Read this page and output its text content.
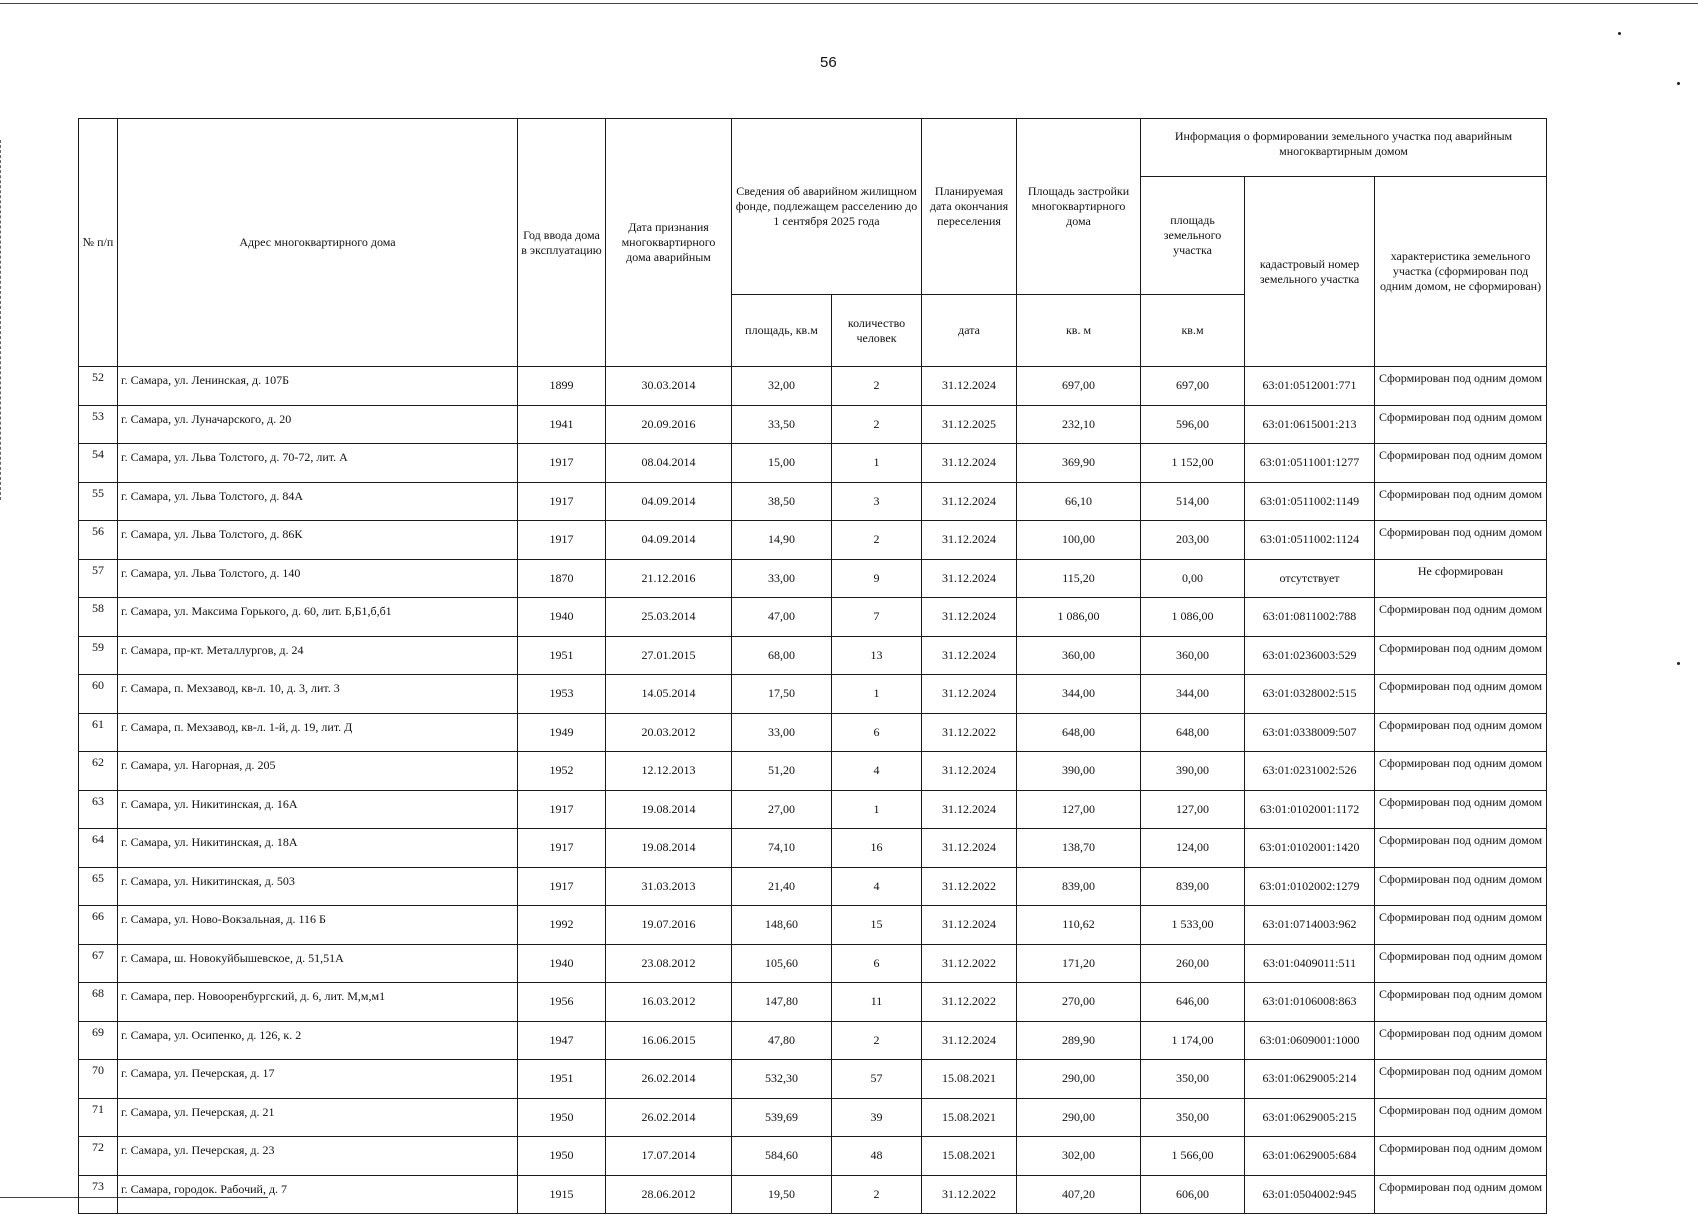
56
№ п/п	Адрес многоквартирного дома	Год ввода дома в эксплуатацию	Дата признания многоквартирного дома аварийным	Сведения об аварийном жилищном фонде, подлежащем расселению до 1 сентября 2025 года		Планируемая дата окончания переселения	Площадь застройки многоквартирного дома	Информация о формировании земельного участка под аварийным многоквартирным домом		
								площадь земельного участка	кадастровый номер земельного участка	характеристика земельного участка (сформирован под одним домом, не сформирован)
				площадь, кв.м	количество человек	дата	кв. м	кв.м		
52	г. Самара, ул. Ленинская, д. 107Б	1899	30.03.2014	32,00	2	31.12.2024	697,00	697,00	63:01:0512001:771	Сформирован под одним домом
53	г. Самара, ул. Луначарского, д. 20	1941	20.09.2016	33,50	2	31.12.2025	232,10	596,00	63:01:0615001:213	Сформирован под одним домом
54	г. Самара, ул. Льва Толстого, д. 70-72, лит. А	1917	08.04.2014	15,00	1	31.12.2024	369,90	1 152,00	63:01:0511001:1277	Сформирован под одним домом
55	г. Самара, ул. Льва Толстого, д. 84А	1917	04.09.2014	38,50	3	31.12.2024	66,10	514,00	63:01:0511002:1149	Сформирован под одним домом
56	г. Самара, ул. Льва Толстого, д. 86К	1917	04.09.2014	14,90	2	31.12.2024	100,00	203,00	63:01:0511002:1124	Сформирован под одним домом
57	г. Самара, ул. Льва Толстого, д. 140	1870	21.12.2016	33,00	9	31.12.2024	115,20	0,00	отсутствует	Не сформирован
58	г. Самара, ул. Максима Горького, д. 60, лит. Б,Б1,б,б1	1940	25.03.2014	47,00	7	31.12.2024	1 086,00	1 086,00	63:01:0811002:788	Сформирован под одним домом
59	г. Самара, пр-кт. Металлургов, д. 24	1951	27.01.2015	68,00	13	31.12.2024	360,00	360,00	63:01:0236003:529	Сформирован под одним домом
60	г. Самара, п. Мехзавод, кв-л. 10, д. 3, лит. 3	1953	14.05.2014	17,50	1	31.12.2024	344,00	344,00	63:01:0328002:515	Сформирован под одним домом
61	г. Самара, п. Мехзавод, кв-л. 1-й, д. 19, лит. Д	1949	20.03.2012	33,00	6	31.12.2022	648,00	648,00	63:01:0338009:507	Сформирован под одним домом
62	г. Самара, ул. Нагорная, д. 205	1952	12.12.2013	51,20	4	31.12.2024	390,00	390,00	63:01:0231002:526	Сформирован под одним домом
63	г. Самара, ул. Никитинская, д. 16А	1917	19.08.2014	27,00	1	31.12.2024	127,00	127,00	63:01:0102001:1172	Сформирован под одним домом
64	г. Самара, ул. Никитинская, д. 18А	1917	19.08.2014	74,10	16	31.12.2024	138,70	124,00	63:01:0102001:1420	Сформирован под одним домом
65	г. Самара, ул. Никитинская, д. 503	1917	31.03.2013	21,40	4	31.12.2022	839,00	839,00	63:01:0102002:1279	Сформирован под одним домом
66	г. Самара, ул. Ново-Вокзальная, д. 116 Б	1992	19.07.2016	148,60	15	31.12.2024	110,62	1 533,00	63:01:0714003:962	Сформирован под одним домом
67	г. Самара, ш. Новокуйбышевское, д. 51,51А	1940	23.08.2012	105,60	6	31.12.2022	171,20	260,00	63:01:0409011:511	Сформирован под одним домом
68	г. Самара, пер. Новооренбургский, д. 6, лит. М,м,м1	1956	16.03.2012	147,80	11	31.12.2022	270,00	646,00	63:01:0106008:863	Сформирован под одним домом
69	г. Самара, ул. Осипенко, д. 126, к. 2	1947	16.06.2015	47,80	2	31.12.2024	289,90	1 174,00	63:01:0609001:1000	Сформирован под одним домом
70	г. Самара, ул. Печерская, д. 17	1951	26.02.2014	532,30	57	15.08.2021	290,00	350,00	63:01:0629005:214	Сформирован под одним домом
71	г. Самара, ул. Печерская, д. 21	1950	26.02.2014	539,69	39	15.08.2021	290,00	350,00	63:01:0629005:215	Сформирован под одним домом
72	г. Самара, ул. Печерская, д. 23	1950	17.07.2014	584,60	48	15.08.2021	302,00	1 566,00	63:01:0629005:684	Сформирован под одним домом
73	г. Самара, городок. Рабочий, д. 7	1915	28.06.2012	19,50	2	31.12.2022	407,20	606,00	63:01:0504002:945	Сформирован под одним домом
